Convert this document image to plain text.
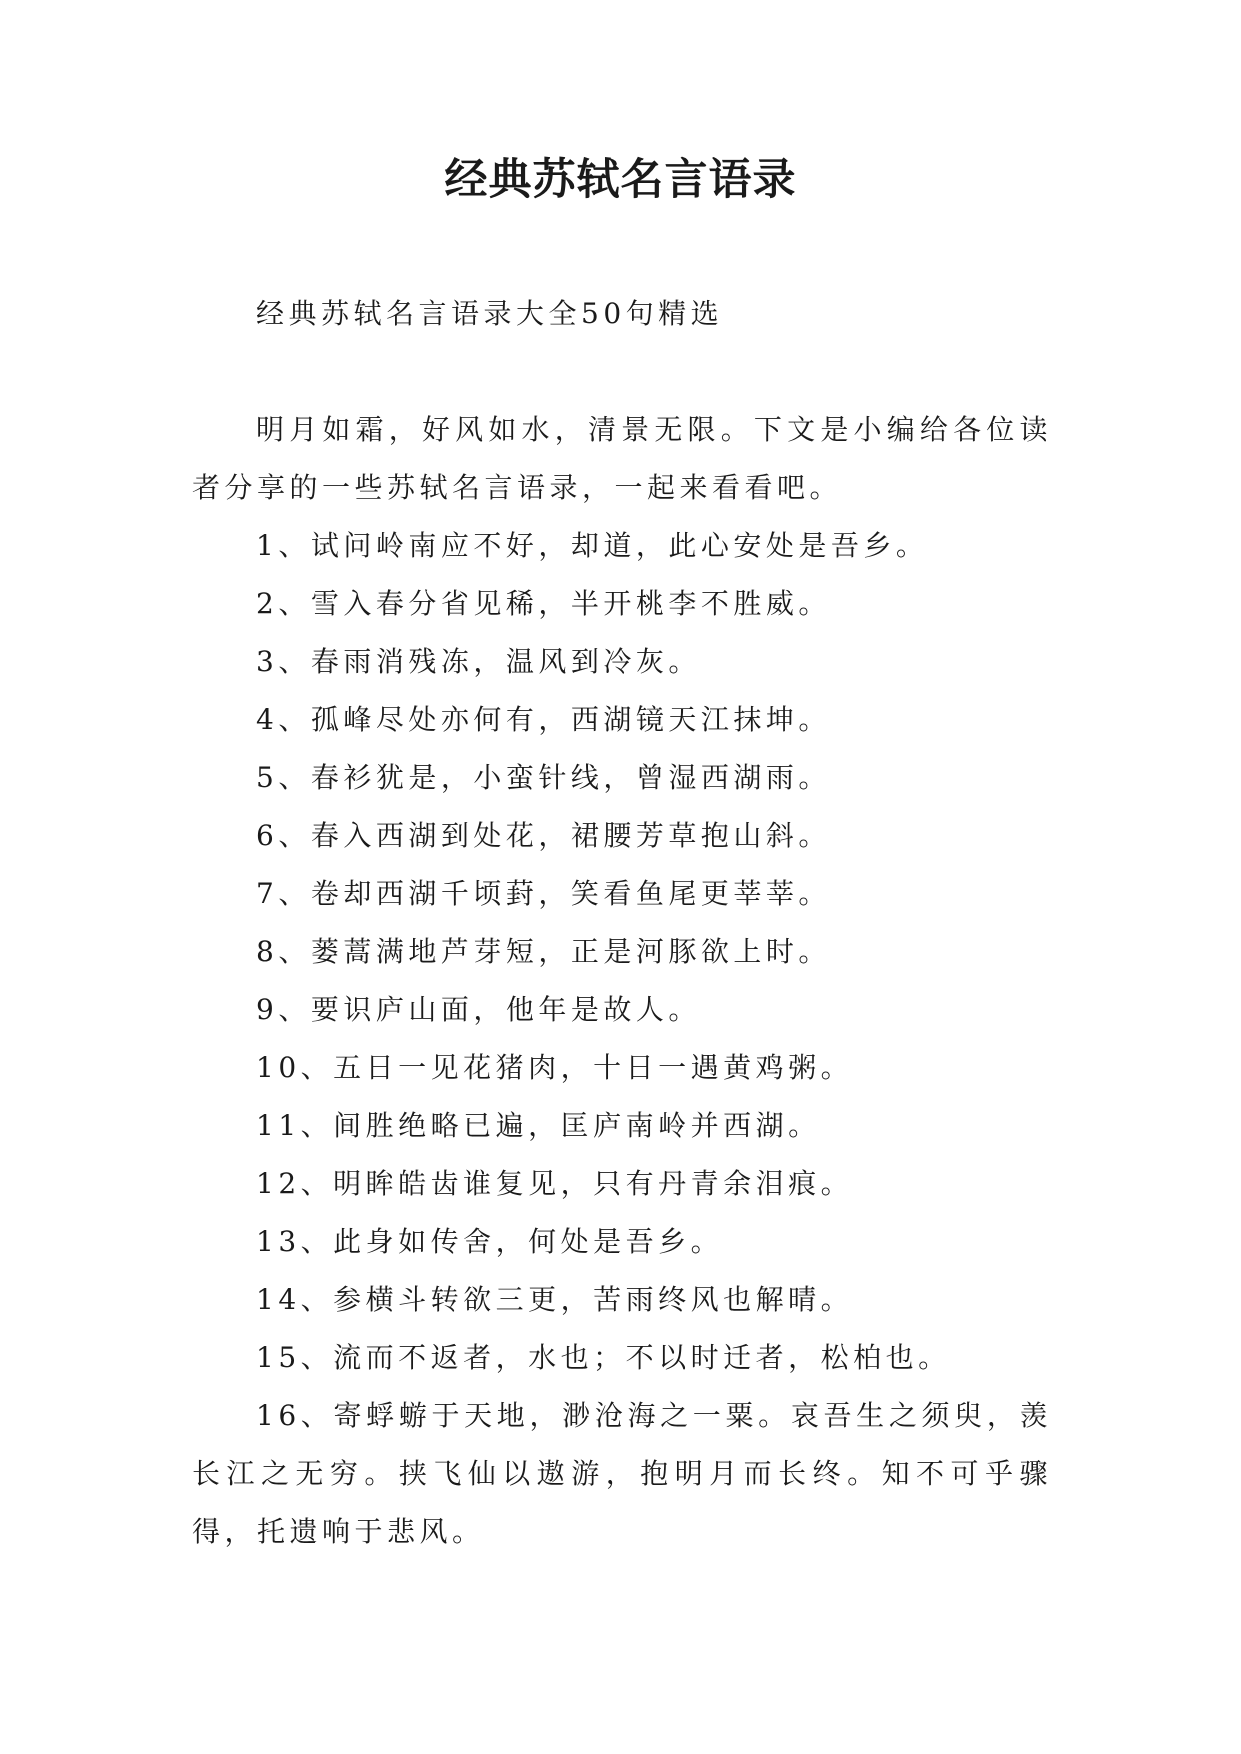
经典苏轼名言语录

经典苏轼名言语录大全50句精选

明月如霜，好风如水，清景无限。下文是小编给各位读者分享的一些苏轼名言语录，一起来看看吧。

1、试问岭南应不好，却道，此心安处是吾乡。

2、雪入春分省见稀，半开桃李不胜威。

3、春雨消残冻，温风到冷灰。

4、孤峰尽处亦何有，西湖镜天江抹坤。

5、春衫犹是，小蛮针线，曾湿西湖雨。

6、春入西湖到处花，裙腰芳草抱山斜。

7、卷却西湖千顷葑，笑看鱼尾更莘莘。

8、蒌蒿满地芦芽短，正是河豚欲上时。

9、要识庐山面，他年是故人。

10、五日一见花猪肉，十日一遇黄鸡粥。

11、间胜绝略已遍，匡庐南岭并西湖。

12、明眸皓齿谁复见，只有丹青余泪痕。

13、此身如传舍，何处是吾乡。

14、参横斗转欲三更，苦雨终风也解晴。

15、流而不返者，水也；不以时迁者，松柏也。

16、寄蜉蝣于天地，渺沧海之一粟。哀吾生之须臾，羡长江之无穷。挟飞仙以遨游，抱明月而长终。知不可乎骤得，托遗响于悲风。
